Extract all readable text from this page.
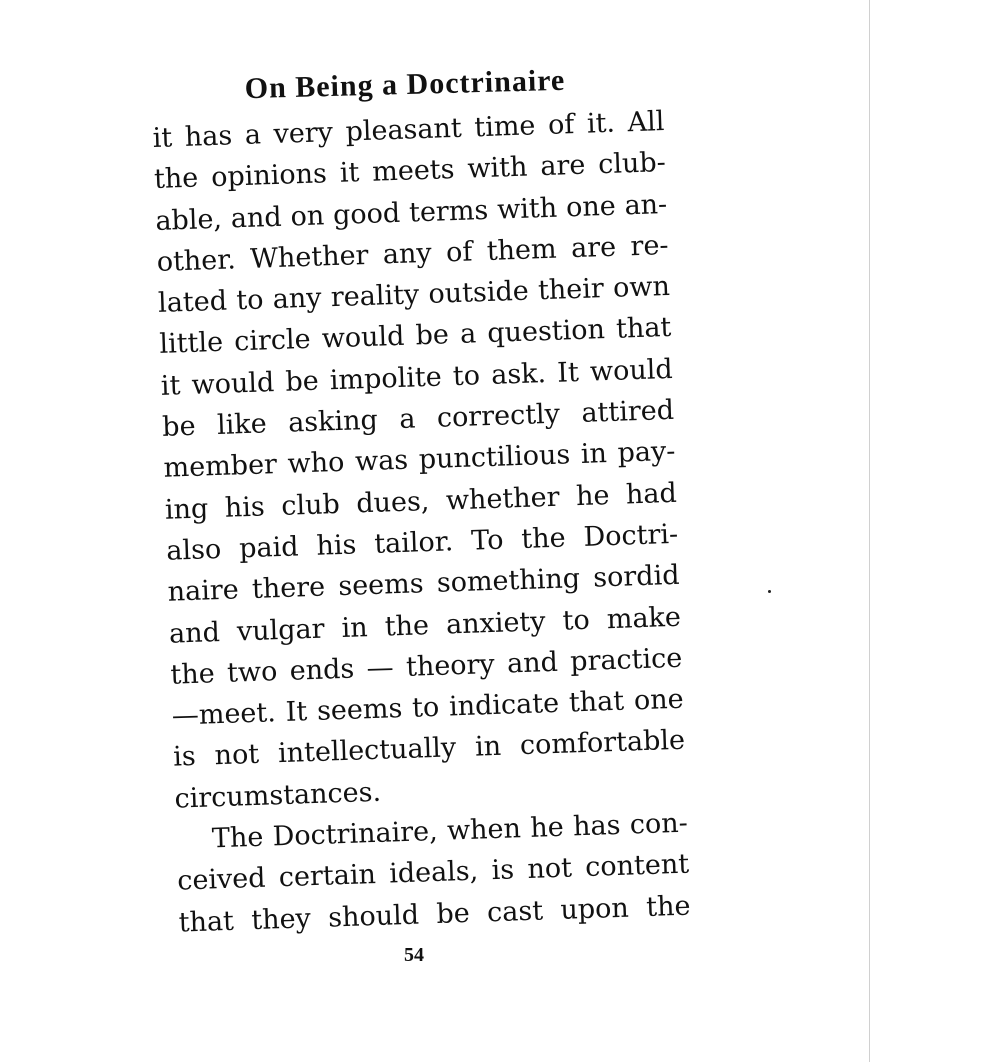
On Being a Doctrinaire
it has a very pleasant time of it. All
the opinions it meets with are club-
able, and on good terms with one an-
other. Whether any of them are re-
lated to any reality outside their own
little circle would be a question that
it would be impolite to ask. It would
be like asking a correctly attired
member who was punctilious in pay-
ing his club dues, whether he had
also paid his tailor. To the Doctri-
naire there seems something sordid
and vulgar in the anxiety to make
the two ends — theory and practice
—meet. It seems to indicate that one
is not intellectually in comfortable
circumstances.
The Doctrinaire, when he has con-
ceived certain ideals, is not content
that they should be cast upon the
54
